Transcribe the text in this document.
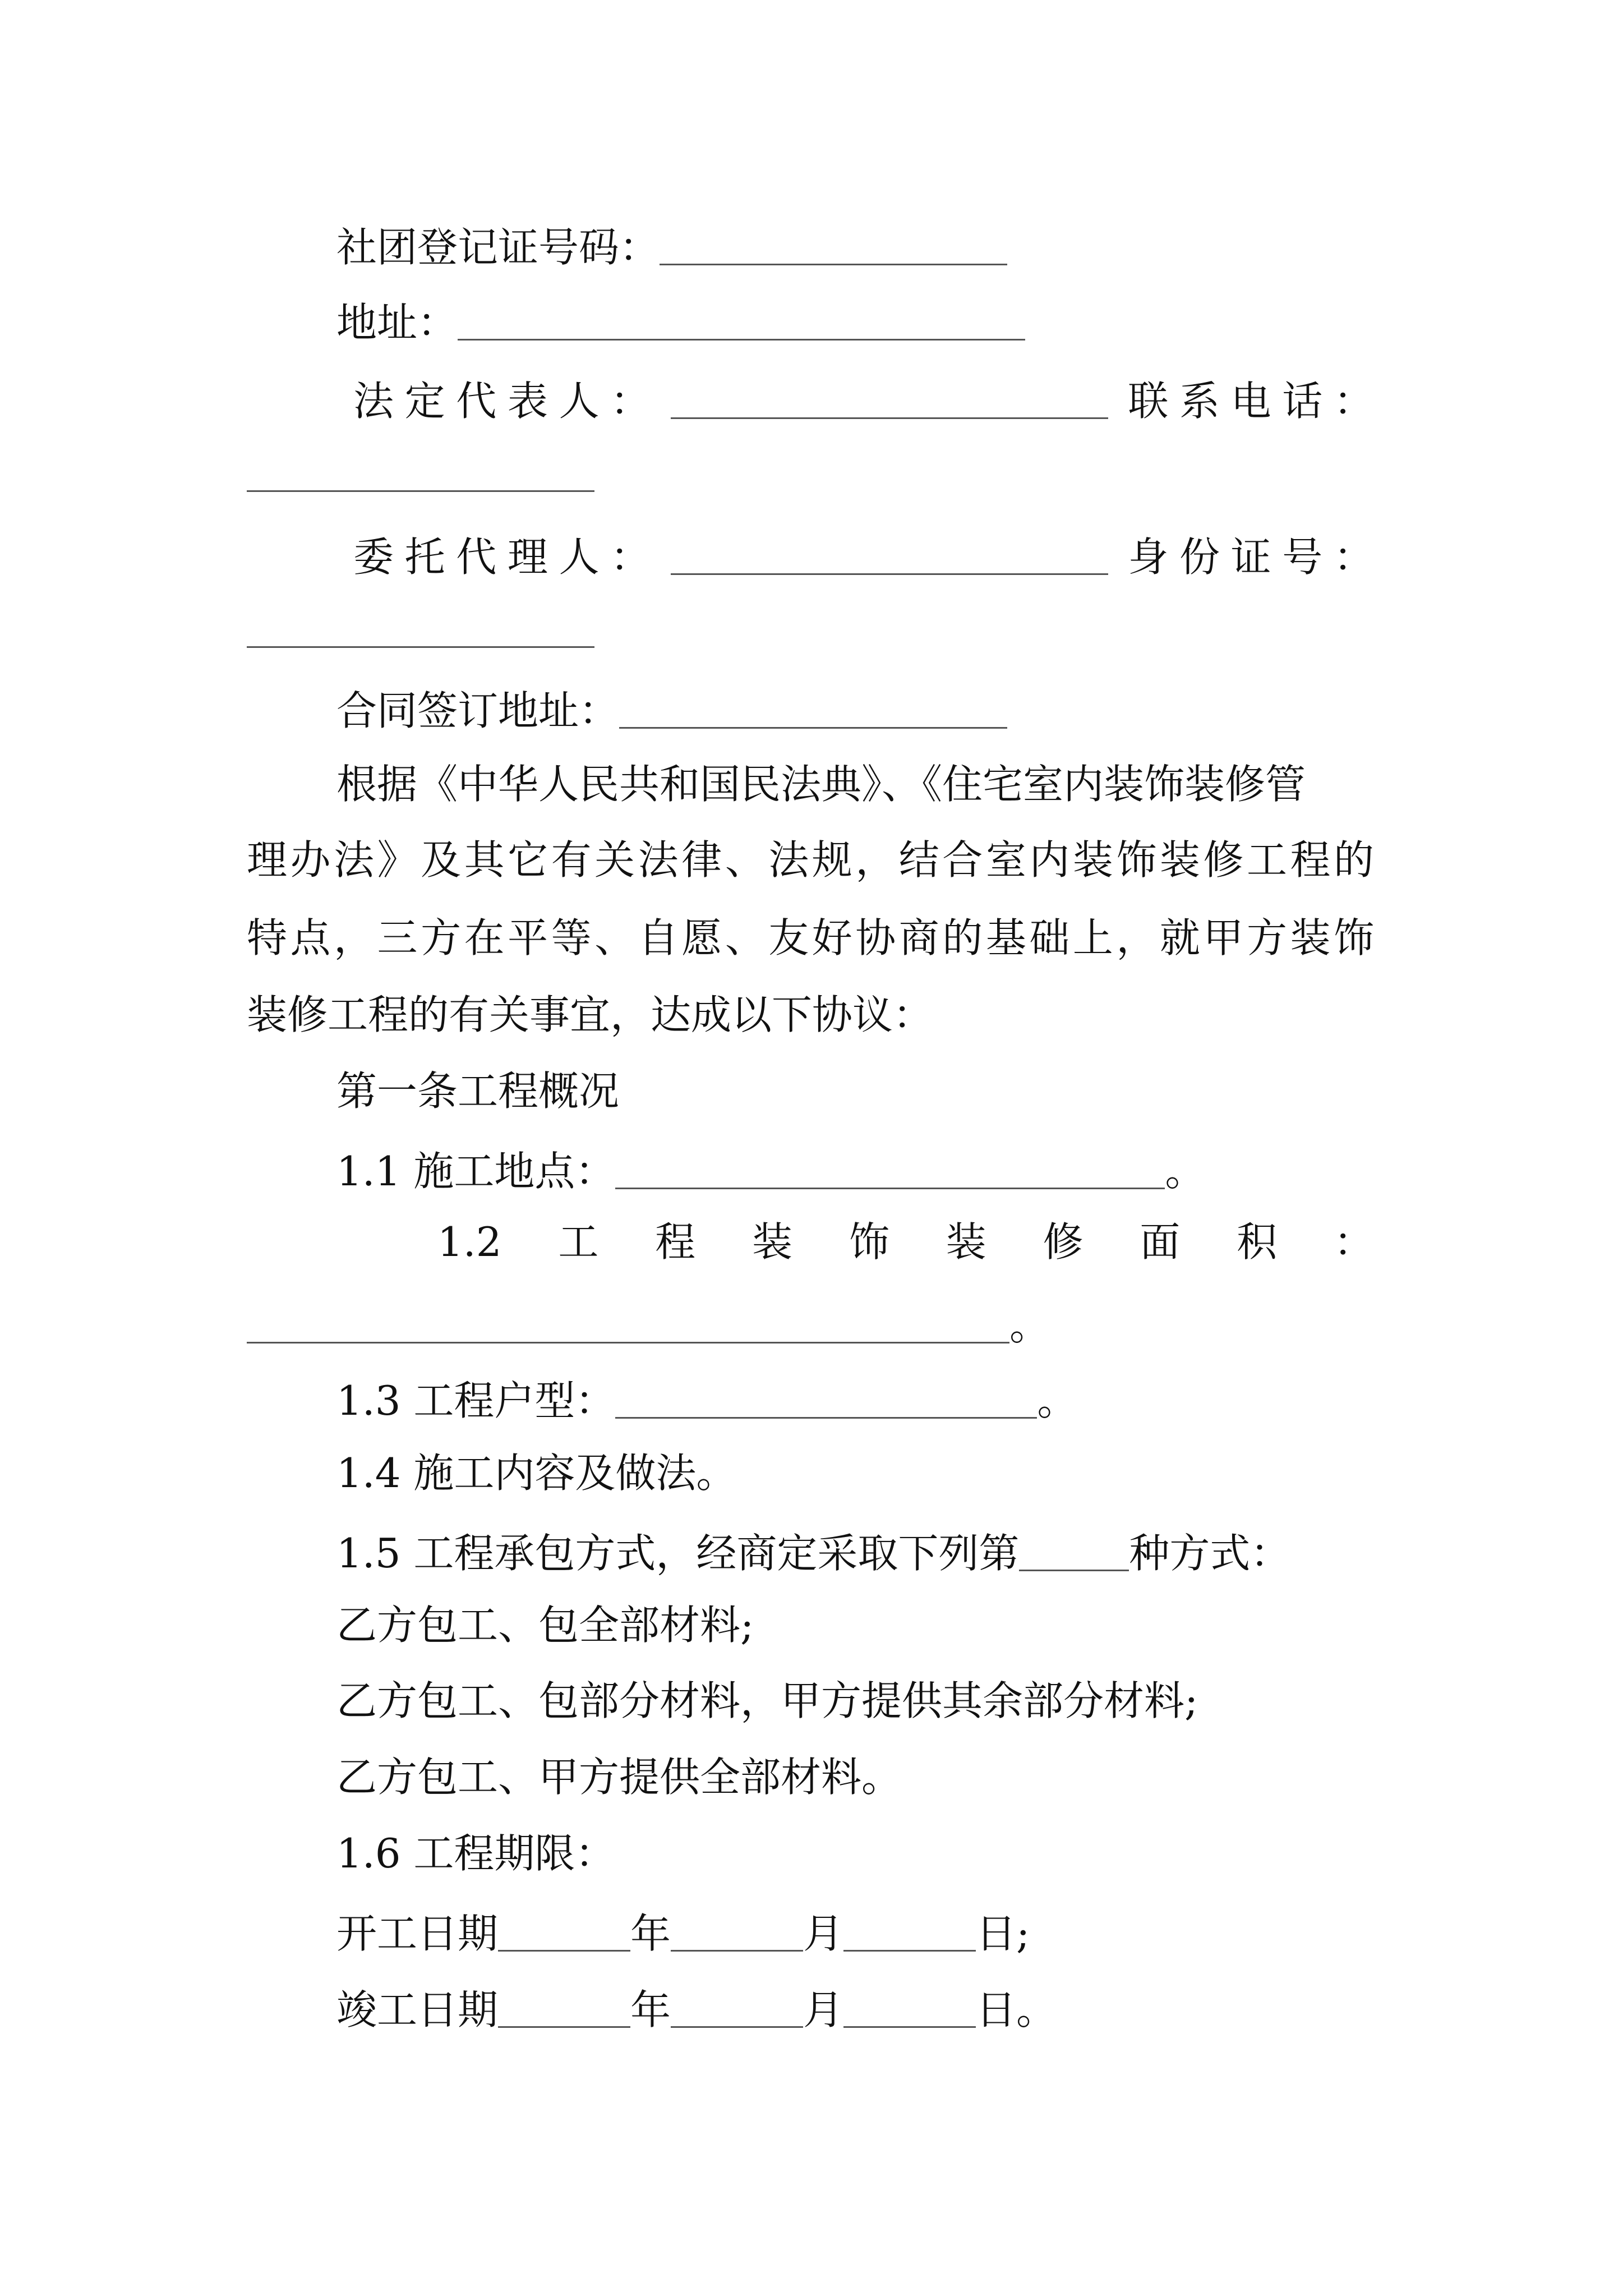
社团登记证号码：
地址：
法 定 代 表 人 ：	联 系 电 话 ：
委 托 代 理 人 ：	身 份 证 号 ：
合同签订地址：
根据《中华人民共和国民法典》、《住宅室内装饰装修管
理办法》及其它有关法律、法规，结合室内装饰装修工程的
特点，三方在平等、自愿、友好协商的基础上，就甲方装饰
装修工程的有关事宜，达成以下协议：
第一条工程概况
1.1 施工地点：	。
1.2 工 程 装 饰 装 修 面 积 ：
。
1.3 工程户型：	。
1.4 施工内容及做法。
1.5 工程承包方式，经商定采取下列第	种方式：
乙方包工、包全部材料;
乙方包工、包部分材料，甲方提供其余部分材料;
乙方包工、甲方提供全部材料。
1.6 工程期限：
开工日期	年	月	日;
竣工日期	年	月	日。
